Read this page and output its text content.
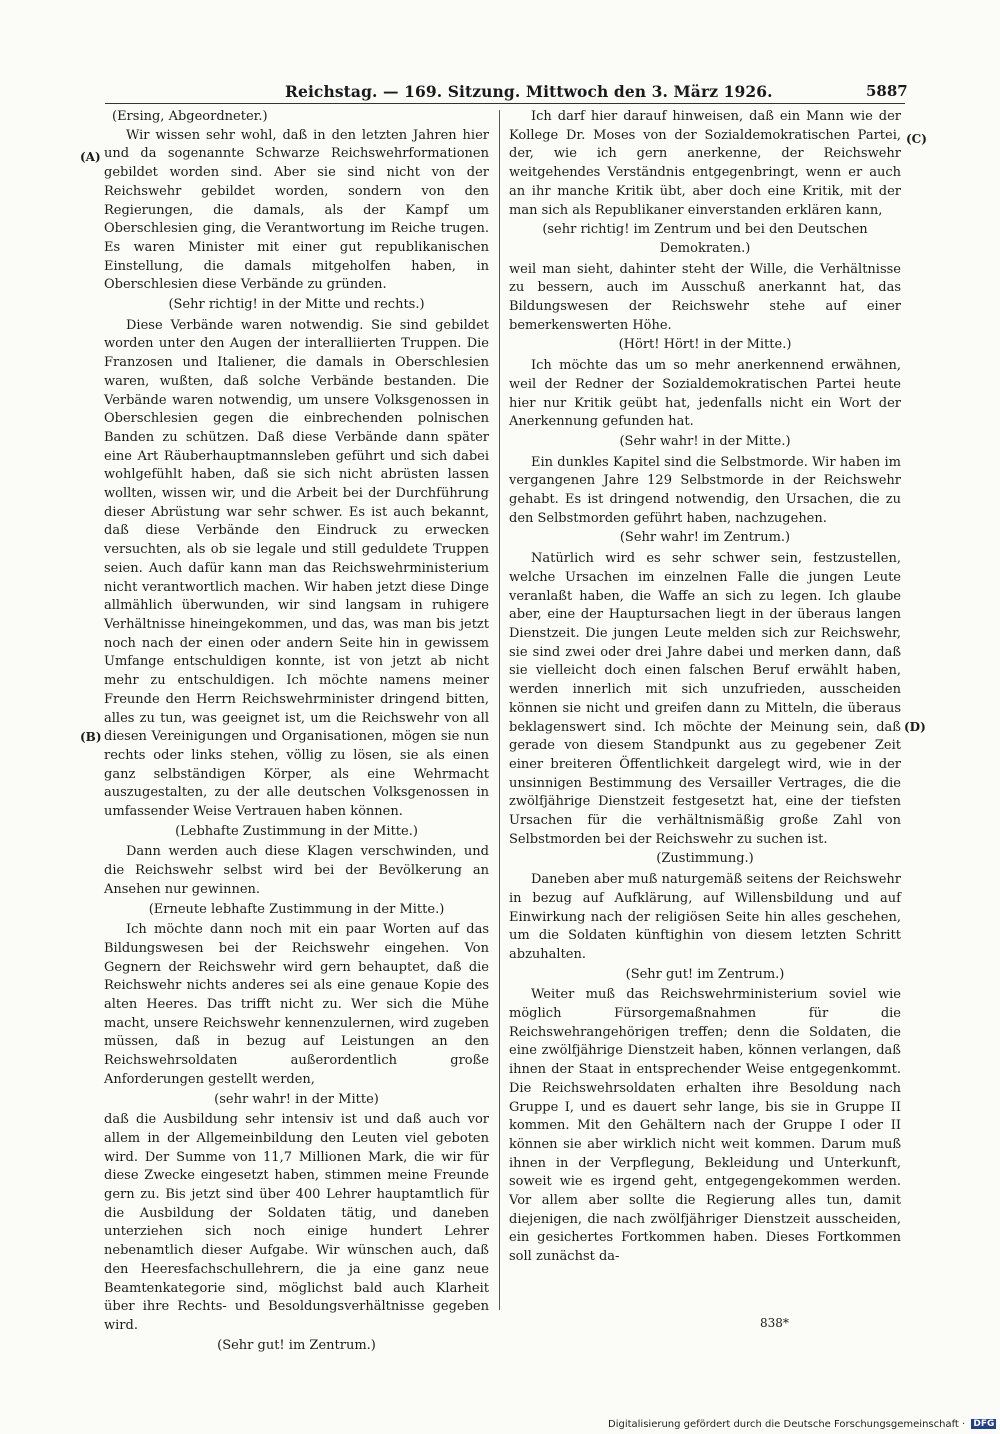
Reichstag. — 169. Sitzung. Mittwoch den 3. März 1926.	5887
(A)
(B)
(C)
(D)

(Ersing, Abgeordneter.)

Wir wissen sehr wohl, daß in den letzten Jahren hier und da sogenannte Schwarze Reichswehrformationen gebildet worden sind. Aber sie sind nicht von der Reichswehr gebildet worden, sondern von den Regierungen, die damals, als der Kampf um Oberschlesien ging, die Verantwortung im Reiche trugen. Es waren Minister mit einer gut republikanischen Einstellung, die damals mitgeholfen haben, in Oberschlesien diese Verbände zu gründen.

(Sehr richtig! in der Mitte und rechts.)

Diese Verbände waren notwendig. Sie sind gebildet worden unter den Augen der interalliierten Truppen. Die Franzosen und Italiener, die damals in Oberschlesien waren, wußten, daß solche Verbände bestanden. Die Verbände waren notwendig, um unsere Volksgenossen in Oberschlesien gegen die einbrechenden polnischen Banden zu schützen. Daß diese Verbände dann später eine Art Räuberhauptmannsleben geführt und sich dabei wohlgefühlt haben, daß sie sich nicht abrüsten lassen wollten, wissen wir, und die Arbeit bei der Durchführung dieser Abrüstung war sehr schwer. Es ist auch bekannt, daß diese Verbände den Eindruck zu erwecken versuchten, als ob sie legale und still geduldete Truppen seien. Auch dafür kann man das Reichswehrministerium nicht verantwortlich machen. Wir haben jetzt diese Dinge allmählich überwunden, wir sind langsam in ruhigere Verhältnisse hineingekommen, und das, was man bis jetzt noch nach der einen oder andern Seite hin in gewissem Umfange entschuldigen konnte, ist von jetzt ab nicht mehr zu entschuldigen. Ich möchte namens meiner Freunde den Herrn Reichswehrminister dringend bitten, alles zu tun, was geeignet ist, um die Reichswehr von all diesen Vereinigungen und Organisationen, mögen sie nun rechts oder links stehen, völlig zu lösen, sie als einen ganz selbständigen Körper, als eine Wehrmacht auszugestalten, zu der alle deutschen Volksgenossen in umfassender Weise Vertrauen haben können.

(Lebhafte Zustimmung in der Mitte.)

Dann werden auch diese Klagen verschwinden, und die Reichswehr selbst wird bei der Bevölkerung an Ansehen nur gewinnen.

(Erneute lebhafte Zustimmung in der Mitte.)

Ich möchte dann noch mit ein paar Worten auf das Bildungswesen bei der Reichswehr eingehen. Von Gegnern der Reichswehr wird gern behauptet, daß die Reichswehr nichts anderes sei als eine genaue Kopie des alten Heeres. Das trifft nicht zu. Wer sich die Mühe macht, unsere Reichswehr kennenzulernen, wird zugeben müssen, daß in bezug auf Leistungen an den Reichswehrsoldaten außerordentlich große Anforderungen gestellt werden,

(sehr wahr! in der Mitte)

daß die Ausbildung sehr intensiv ist und daß auch vor allem in der Allgemeinbildung den Leuten viel geboten wird. Der Summe von 11,7 Millionen Mark, die wir für diese Zwecke eingesetzt haben, stimmen meine Freunde gern zu. Bis jetzt sind über 400 Lehrer hauptamtlich für die Ausbildung der Soldaten tätig, und daneben unterziehen sich noch einige hundert Lehrer nebenamtlich dieser Aufgabe. Wir wünschen auch, daß den Heeresfachschullehrern, die ja eine ganz neue Beamtenkategorie sind, möglichst bald auch Klarheit über ihre Rechts- und Besoldungsverhältnisse gegeben wird.

(Sehr gut! im Zentrum.)

Ich darf hier darauf hinweisen, daß ein Mann wie der Kollege Dr. Moses von der Sozialdemokratischen Partei, der, wie ich gern anerkenne, der Reichswehr weitgehendes Verständnis entgegenbringt, wenn er auch an ihr manche Kritik übt, aber doch eine Kritik, mit der man sich als Republikaner einverstanden erklären kann,

(sehr richtig! im Zentrum und bei den Deutschen Demokraten.)

weil man sieht, dahinter steht der Wille, die Verhältnisse zu bessern, auch im Ausschuß anerkannt hat, das Bildungswesen der Reichswehr stehe auf einer bemerkenswerten Höhe.

(Hört! Hört! in der Mitte.)

Ich möchte das um so mehr anerkennend erwähnen, weil der Redner der Sozialdemokratischen Partei heute hier nur Kritik geübt hat, jedenfalls nicht ein Wort der Anerkennung gefunden hat.

(Sehr wahr! in der Mitte.)

Ein dunkles Kapitel sind die Selbstmorde. Wir haben im vergangenen Jahre 129 Selbstmorde in der Reichswehr gehabt. Es ist dringend notwendig, den Ursachen, die zu den Selbstmorden geführt haben, nachzugehen.

(Sehr wahr! im Zentrum.)

Natürlich wird es sehr schwer sein, festzustellen, welche Ursachen im einzelnen Falle die jungen Leute veranlaßt haben, die Waffe an sich zu legen. Ich glaube aber, eine der Hauptursachen liegt in der überaus langen Dienstzeit. Die jungen Leute melden sich zur Reichswehr, sie sind zwei oder drei Jahre dabei und merken dann, daß sie vielleicht doch einen falschen Beruf erwählt haben, werden innerlich mit sich unzufrieden, ausscheiden können sie nicht und greifen dann zu Mitteln, die überaus beklagenswert sind. Ich möchte der Meinung sein, daß gerade von diesem Standpunkt aus zu gegebener Zeit einer breiteren Öffentlichkeit dargelegt wird, wie in der unsinnigen Bestimmung des Versailler Vertrages, die die zwölfjährige Dienstzeit festgesetzt hat, eine der tiefsten Ursachen für die verhältnismäßig große Zahl von Selbstmorden bei der Reichswehr zu suchen ist.

(Zustimmung.)

Daneben aber muß naturgemäß seitens der Reichswehr in bezug auf Aufklärung, auf Willensbildung und auf Einwirkung nach der religiösen Seite hin alles geschehen, um die Soldaten künftighin von diesem letzten Schritt abzuhalten.

(Sehr gut! im Zentrum.)

Weiter muß das Reichswehrministerium soviel wie möglich Fürsorgemaßnahmen für die Reichswehrangehörigen treffen; denn die Soldaten, die eine zwölfjährige Dienstzeit haben, können verlangen, daß ihnen der Staat in entsprechender Weise entgegenkommt. Die Reichswehrsoldaten erhalten ihre Besoldung nach Gruppe I, und es dauert sehr lange, bis sie in Gruppe II kommen. Mit den Gehältern nach der Gruppe I oder II können sie aber wirklich nicht weit kommen. Darum muß ihnen in der Verpflegung, Bekleidung und Unterkunft, soweit wie es irgend geht, entgegengekommen werden. Vor allem aber sollte die Regierung alles tun, damit diejenigen, die nach zwölfjähriger Dienstzeit ausscheiden, ein gesichertes Fortkommen haben. Dieses Fortkommen soll zunächst da-

838*
Digitalisierung gefördert durch die Deutsche Forschungsgemeinschaft · DFG
